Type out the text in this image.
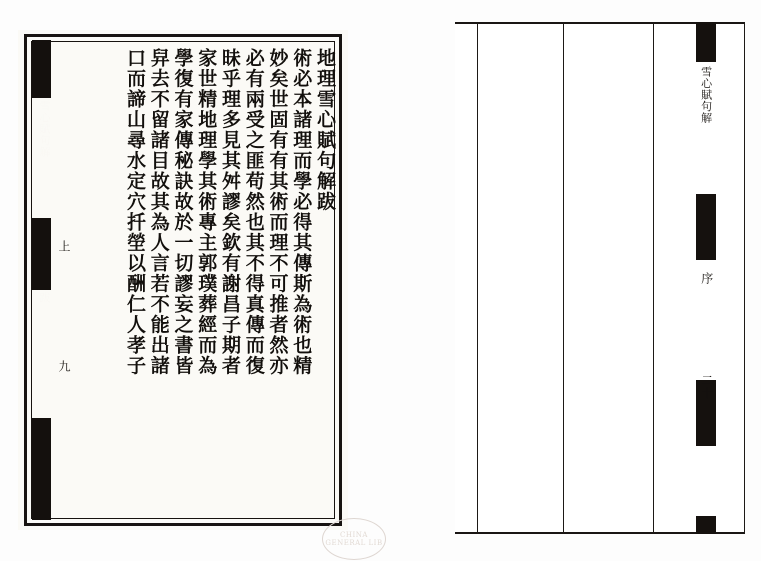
雪心賦句解
跋
上
九
地理雪心賦句解跋
術必本諸理而學必得其傳斯為術也精
妙矣世固有有其術而理不可推者然亦
必有兩受之匪苟然也其不得真傳而復
昧乎理多見其舛謬矣欽有謝昌子期者
家世精地理學其術專主郭璞葬經而為
學復有家傳秘訣故於一切謬妄之書皆
舁去不留諸目故其為人言若不能出諸
口而諦山尋水定穴扦塋以酬仁人孝子	雪心賦句解
序
二十
CHINA GENERAL LIB
